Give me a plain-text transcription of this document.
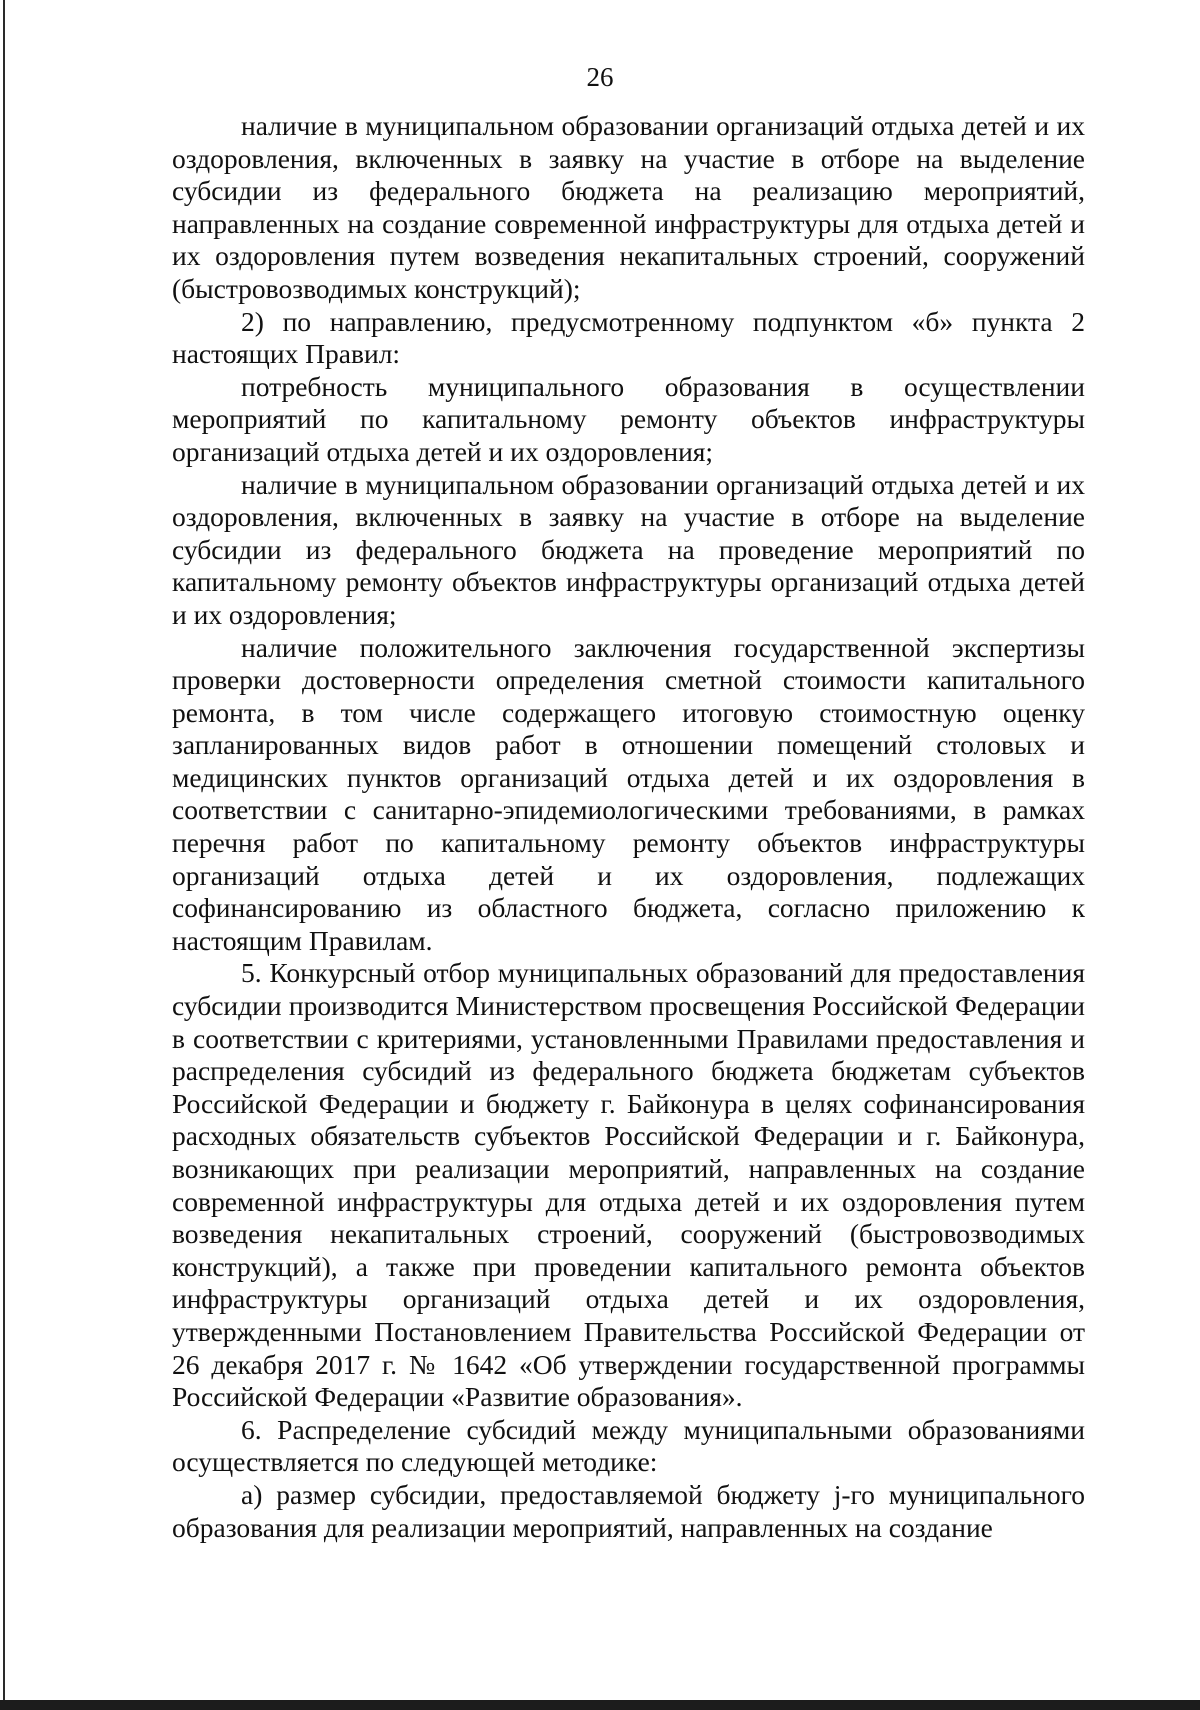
26

наличие в муниципальном образовании организаций отдыха детей и их оздоровления, включенных в заявку на участие в отборе на выделение субсидии из федерального бюджета на реализацию мероприятий, направленных на создание современной инфраструктуры для отдыха детей и их оздоровления путем возведения некапитальных строений, сооружений (быстровозводимых конструкций);

2) по направлению, предусмотренному подпунктом «б» пункта 2 настоящих Правил:

потребность муниципального образования в осуществлении мероприятий по капитальному ремонту объектов инфраструктуры организаций отдыха детей и их оздоровления;

наличие в муниципальном образовании организаций отдыха детей и их оздоровления, включенных в заявку на участие в отборе на выделение субсидии из федерального бюджета на проведение мероприятий по капитальному ремонту объектов инфраструктуры организаций отдыха детей и их оздоровления;

наличие положительного заключения государственной экспертизы проверки достоверности определения сметной стоимости капитального ремонта, в том числе содержащего итоговую стоимостную оценку запланированных видов работ в отношении помещений столовых и медицинских пунктов организаций отдыха детей и их оздоровления в соответствии с санитарно-эпидемиологическими требованиями, в рамках перечня работ по капитальному ремонту объектов инфраструктуры организаций отдыха детей и их оздоровления, подлежащих софинансированию из областного бюджета, согласно приложению к настоящим Правилам.

5. Конкурсный отбор муниципальных образований для предоставления субсидии производится Министерством просвещения Российской Федерации в соответствии с критериями, установленными Правилами предоставления и распределения субсидий из федерального бюджета бюджетам субъектов Российской Федерации и бюджету г. Байконура в целях софинансирования расходных обязательств субъектов Российской Федерации и г. Байконура, возникающих при реализации мероприятий, направленных на создание современной инфраструктуры для отдыха детей и их оздоровления путем возведения некапитальных строений, сооружений (быстровозводимых конструкций), а также при проведении капитального ремонта объектов инфраструктуры организаций отдыха детей и их оздоровления, утвержденными Постановлением Правительства Российской Федерации от 26 декабря 2017 г. № 1642 «Об утверждении государственной программы Российской Федерации «Развитие образования».

6. Распределение субсидий между муниципальными образованиями осуществляется по следующей методике:

а) размер субсидии, предоставляемой бюджету j-го муниципального образования для реализации мероприятий, направленных на создание
